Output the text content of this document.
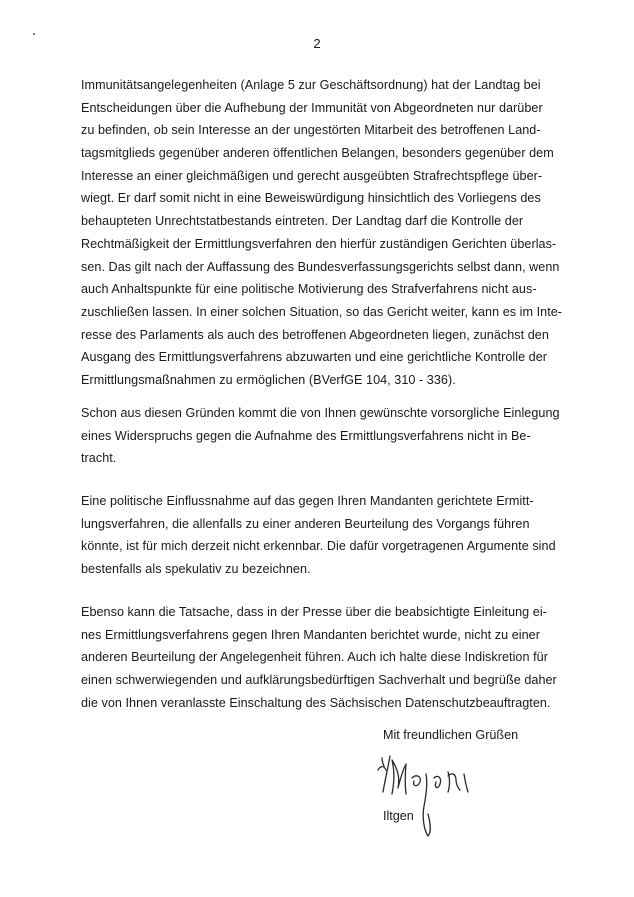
2
Immunitätsangelegenheiten (Anlage 5 zur Geschäftsordnung) hat der Landtag bei
Entscheidungen über die Aufhebung der Immunität von Abgeordneten nur darüber
zu befinden, ob sein Interesse an der ungestörten Mitarbeit des betroffenen Land-
tagsmitglieds gegenüber anderen öffentlichen Belangen, besonders gegenüber dem
Interesse an einer gleichmäßigen und gerecht ausgeübten Strafrechtspflege über-
wiegt. Er darf somit nicht in eine Beweiswürdigung hinsichtlich des Vorliegens des
behaupteten Unrechtstatbestands eintreten. Der Landtag darf die Kontrolle der
Rechtmäßigkeit der Ermittlungsverfahren den hierfür zuständigen Gerichten überlas-
sen. Das gilt nach der Auffassung des Bundesverfassungsgerichts selbst dann, wenn
auch Anhaltspunkte für eine politische Motivierung des Strafverfahrens nicht aus-
zuschließen lassen. In einer solchen Situation, so das Gericht weiter, kann es im Inte-
resse des Parlaments als auch des betroffenen Abgeordneten liegen, zunächst den
Ausgang des Ermittlungsverfahrens abzuwarten und eine gerichtliche Kontrolle der
Ermittlungsmaßnahmen zu ermöglichen (BVerfGE 104, 310 - 336).
Schon aus diesen Gründen kommt die von Ihnen gewünschte vorsorgliche Einlegung
eines Widerspruchs gegen die Aufnahme des Ermittlungsverfahrens nicht in Be-
tracht.
Eine politische Einflussnahme auf das gegen Ihren Mandanten gerichtete Ermitt-
lungsverfahren, die allenfalls zu einer anderen Beurteilung des Vorgangs führen
könnte, ist für mich derzeit nicht erkennbar. Die dafür vorgetragenen Argumente sind
bestenfalls als spekulativ zu bezeichnen.
Ebenso kann die Tatsache, dass in der Presse über die beabsichtigte Einleitung ei-
nes Ermittlungsverfahrens gegen Ihren Mandanten berichtet wurde, nicht zu einer
anderen Beurteilung der Angelegenheit führen. Auch ich halte diese Indiskretion für
einen schwerwiegenden und aufklärungsbedürftigen Sachverhalt und begrüße daher
die von Ihnen veranlasste Einschaltung des Sächsischen Datenschutzbeauftragten.
Mit freundlichen Grüßen
Iltgen
